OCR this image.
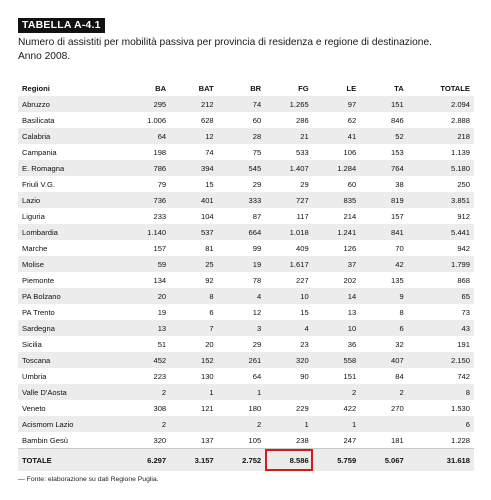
TABELLA A-4.1
Numero di assisti​ti per mobilità passiva per provincia di residenza e regione di destinazione.
Anno 2008.
Regioni	BA	BAT	BR	FG	LE	TA	TOTALE
Abruzzo	295	212	74	1.265	97	151	2.094
Basilicata	1.006	628	60	286	62	846	2.888
Calabria	64	12	28	21	41	52	218
Campania	198	74	75	533	106	153	1.139
E. Romagna	786	394	545	1.407	1.284	764	5.180
Friuli V.G.	79	15	29	29	60	38	250
Lazio	736	401	333	727	835	819	3.851
Liguria	233	104	87	117	214	157	912
Lombardia	1.140	537	664	1.018	1.241	841	5.441
Marche	157	81	99	409	126	70	942
Molise	59	25	19	1.617	37	42	1.799
Piemonte	134	92	78	227	202	135	868
PA Bolzano	20	8	4	10	14	9	65
PA Trento	19	6	12	15	13	8	73
Sardegna	13	7	3	4	10	6	43
Sicilia	51	20	29	23	36	32	191
Toscana	452	152	261	320	558	407	2.150
Umbria	223	130	64	90	151	84	742
Valle D'Aosta	2	1	1		2	2	8
Veneto	308	121	180	229	422	270	1.530
Acismom Lazio	2		2	1	1		6
Bambin Gesù	320	137	105	238	247	181	1.228
TOTALE	6.297	3.157	2.752	8.586	5.759	5.067	31.618
— Fonte: elaborazione su dati Regione Puglia.
